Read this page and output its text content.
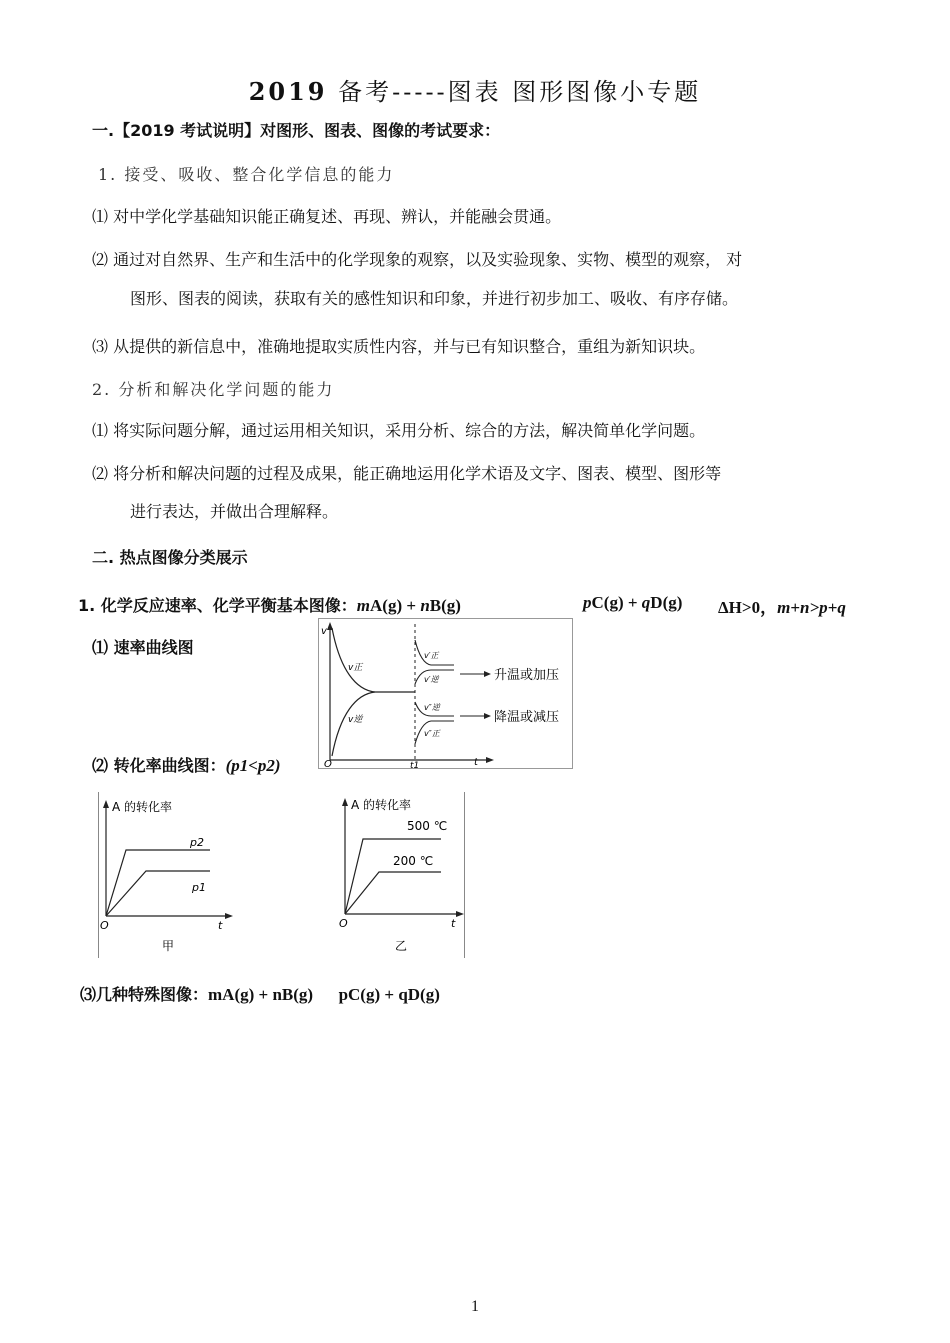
2019 备考-----图表 图形图像小专题
一.【2019 考试说明】对图形、图表、图像的考试要求：
1. 接受、吸收、整合化学信息的能力
⑴ 对中学化学基础知识能正确复述、再现、辨认，并能融会贯通。
⑵ 通过对自然界、生产和生活中的化学现象的观察，以及实验现象、实物、模型的观察， 对
图形、图表的阅读，获取有关的感性知识和印象，并进行初步加工、吸收、有序存储。
⑶ 从提供的新信息中，准确地提取实质性内容，并与已有知识整合，重组为新知识块。
2. 分析和解决化学问题的能力
⑴ 将实际问题分解，通过运用相关知识，采用分析、综合的方法，解决简单化学问题。
⑵ 将分析和解决问题的过程及成果，能正确地运用化学术语及文字、图表、模型、图形等
进行表达，并做出合理解释。
二. 热点图像分类展示
1. 化学反应速率、化学平衡基本图像：mA(g) + nB(g)	pC(g) + qD(g) ΔH>0，m+n>p+q
⑴ 速率曲线图
v
t
O	t1
v正
v逆
v′正
v′逆
v″逆
v″正
升温或加压
降温或减压
⑵ 转化率曲线图：(p1<p2)
A 的转化率
p2
p1
O	t
甲
A 的转化率
500 ℃
200 ℃
O	t
乙
⑶几种特殊图像：mA(g) + nB(g)      pC(g) + qD(g)
1
